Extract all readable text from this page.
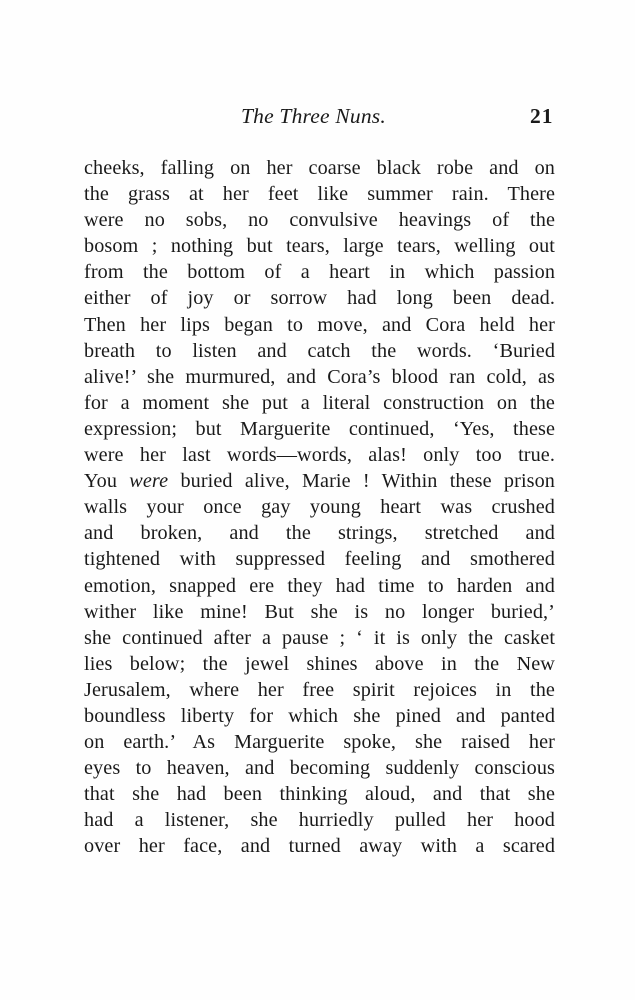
The Three Nuns.	21
cheeks, falling on her coarse black robe and on
the grass at her feet like summer rain. There
were no sobs, no convulsive heavings of the
bosom ; nothing but tears, large tears, welling out
from the bottom of a heart in which passion
either of joy or sorrow had long been dead.
Then her lips began to move, and Cora held her
breath to listen and catch the words. ‘Buried
alive!’ she murmured, and Cora’s blood ran cold, as
for a moment she put a literal construction on the
expression; but Marguerite continued, ‘Yes, these
were her last words—words, alas! only too true.
You were buried alive, Marie ! Within these prison
walls your once gay young heart was crushed
and broken, and the strings, stretched and
tightened with suppressed feeling and smothered
emotion, snapped ere they had time to harden and
wither like mine! But she is no longer buried,’
she continued after a pause ; ‘ it is only the casket
lies below; the jewel shines above in the New
Jerusalem, where her free spirit rejoices in the
boundless liberty for which she pined and panted
on earth.’ As Marguerite spoke, she raised her
eyes to heaven, and becoming suddenly conscious
that she had been thinking aloud, and that she
had a listener, she hurriedly pulled her hood
over her face, and turned away with a scared
